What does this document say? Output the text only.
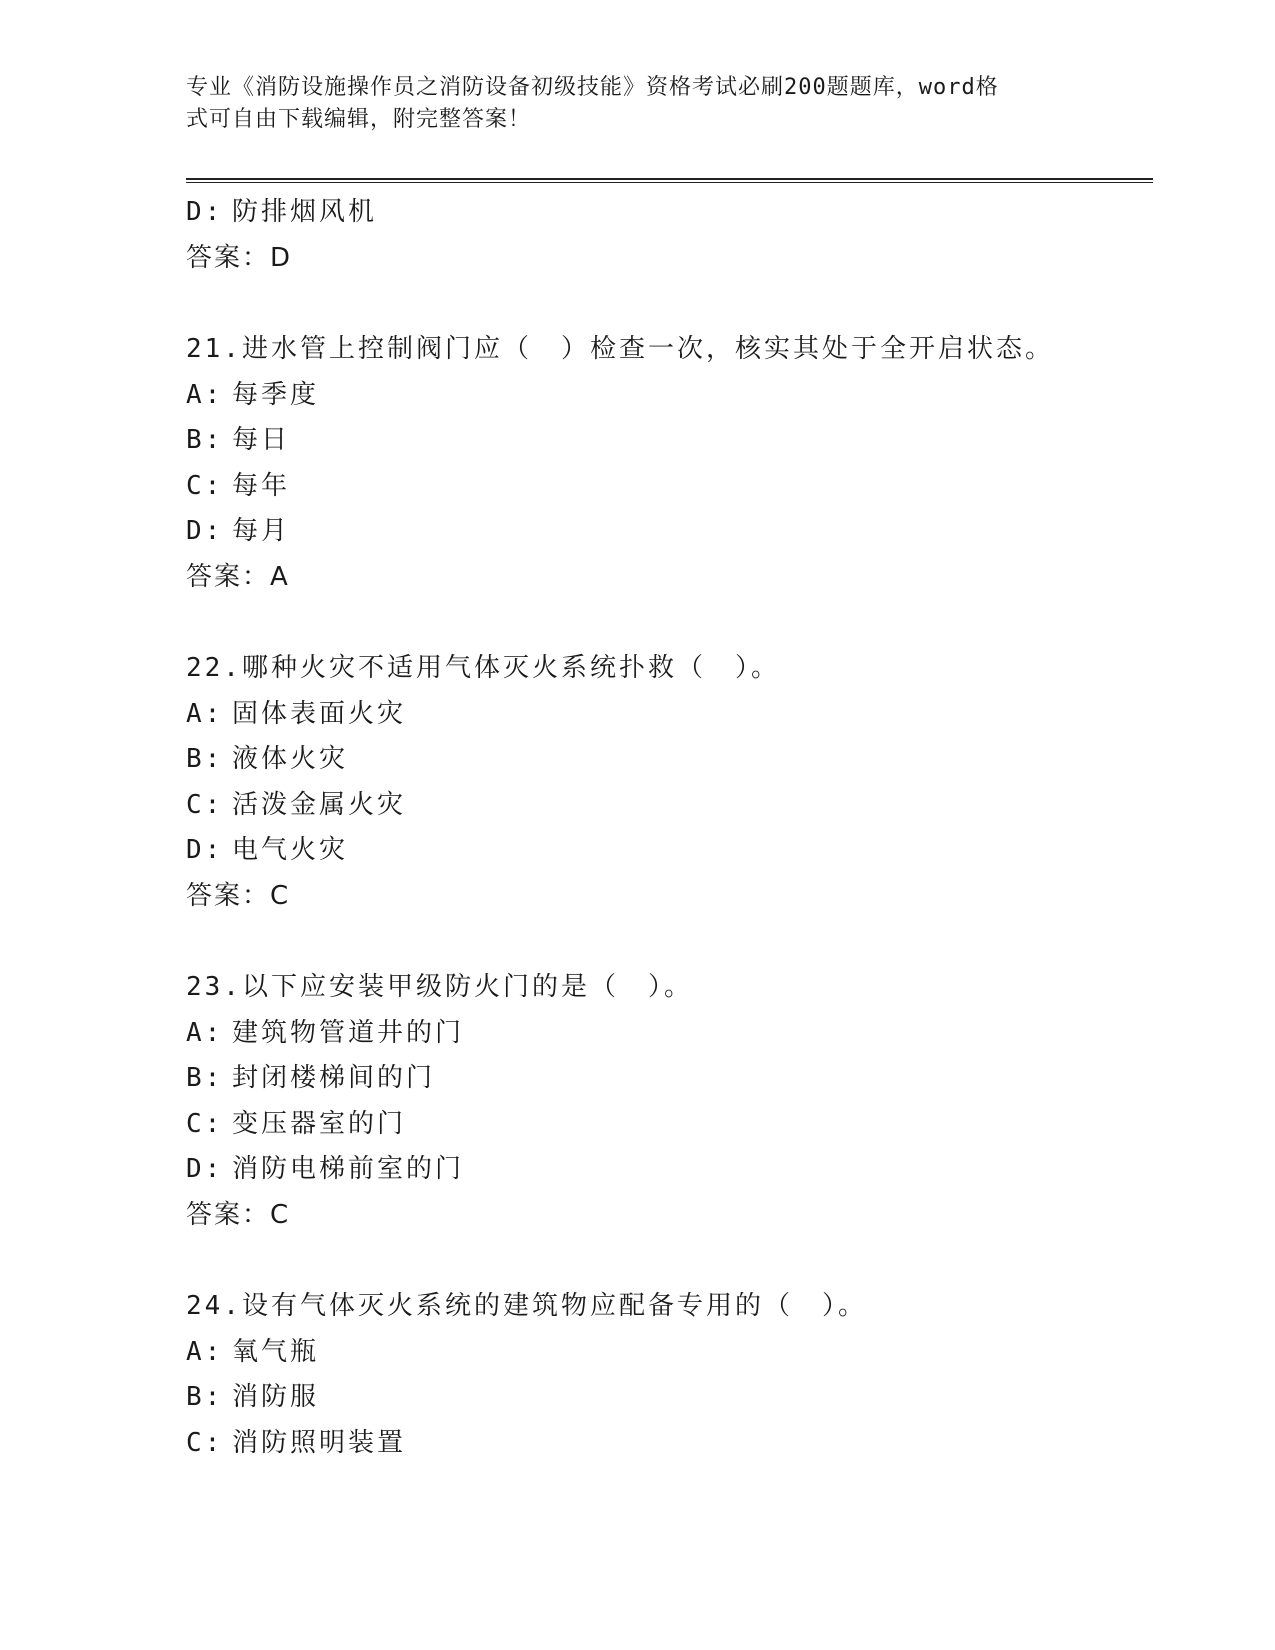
专业《消防设施操作员之消防设备初级技能》资格考试必刷200题题库，word格
式可自由下载编辑，附完整答案！
D: 防排烟风机
答案：D
21.进水管上控制阀门应（　）检查一次，核实其处于全开启状态。
A: 每季度
B: 每日
C: 每年
D: 每月
答案：A
22.哪种火灾不适用气体灭火系统扑救（　）。
A: 固体表面火灾
B: 液体火灾
C: 活泼金属火灾
D: 电气火灾
答案：C
23.以下应安装甲级防火门的是（　）。
A: 建筑物管道井的门
B: 封闭楼梯间的门
C: 变压器室的门
D: 消防电梯前室的门
答案：C
24.设有气体灭火系统的建筑物应配备专用的（　）。
A: 氧气瓶
B: 消防服
C: 消防照明装置
